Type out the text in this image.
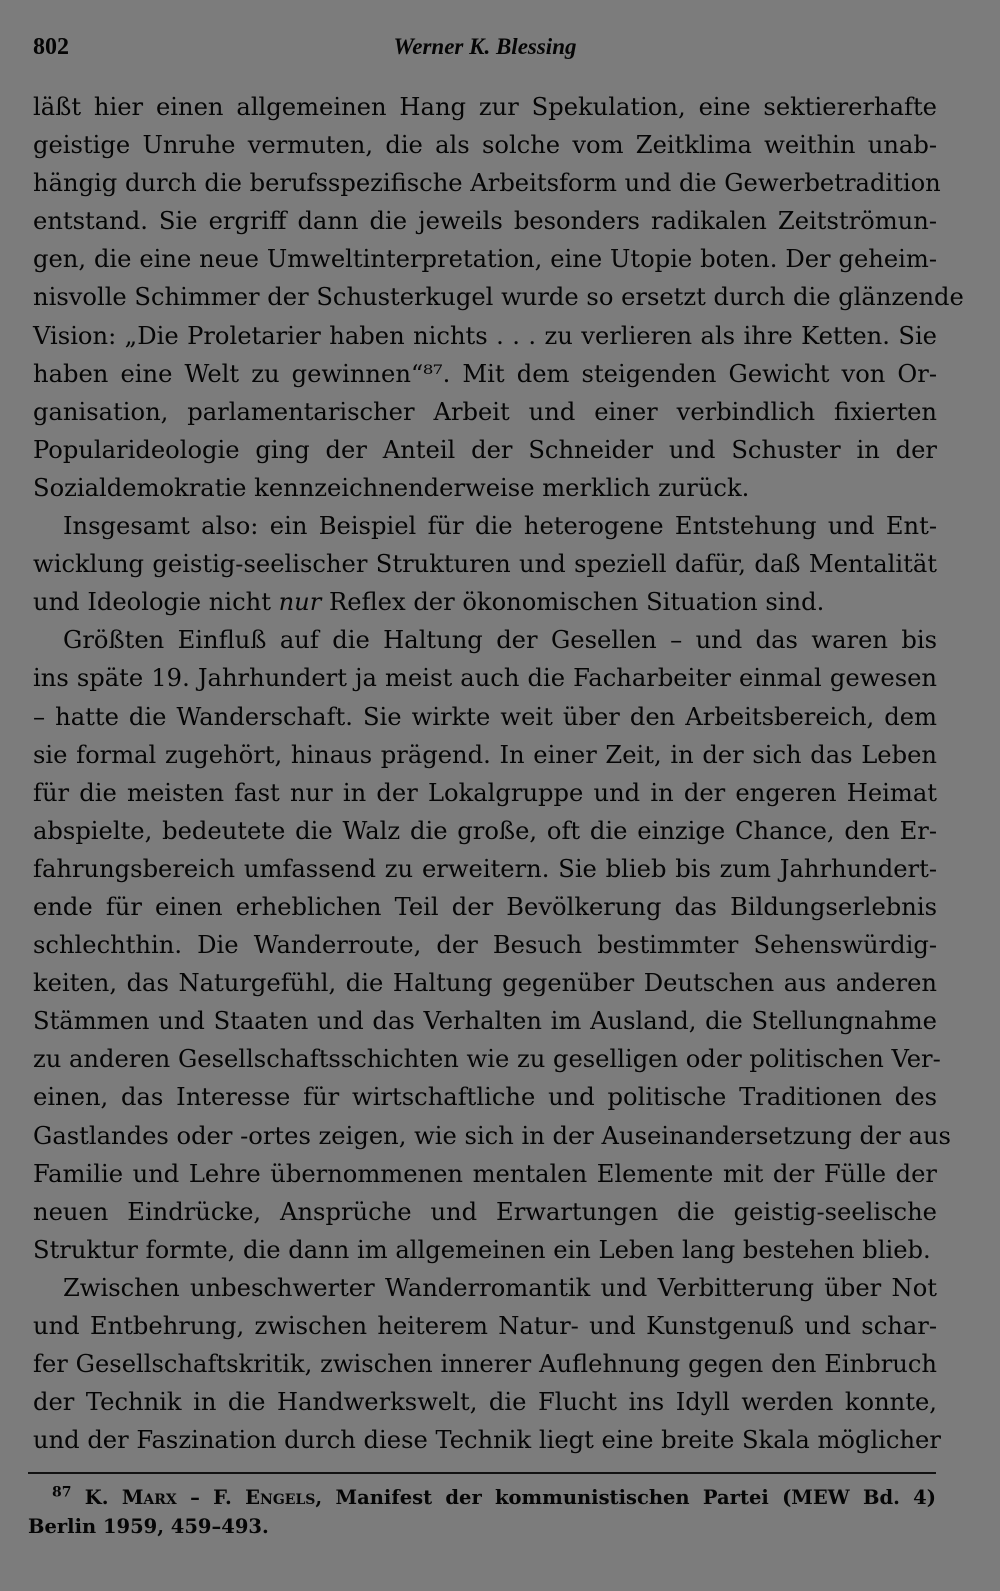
802	Werner K. Blessing
läßt hier einen allgemeinen Hang zur Spekulation, eine sektiererhafte
geistige Unruhe vermuten, die als solche vom Zeitklima weithin unab-
hängig durch die berufsspezifische Arbeitsform und die Gewerbetradition
entstand. Sie ergriff dann die jeweils besonders radikalen Zeitströmun-
gen, die eine neue Umweltinterpretation, eine Utopie boten. Der geheim-
nisvolle Schimmer der Schusterkugel wurde so ersetzt durch die glänzende
Vision: „Die Proletarier haben nichts . . . zu verlieren als ihre Ketten. Sie
haben eine Welt zu gewinnen“⁸⁷. Mit dem steigenden Gewicht von Or-
ganisation, parlamentarischer Arbeit und einer verbindlich fixierten
Popularideologie ging der Anteil der Schneider und Schuster in der
Sozialdemokratie kennzeichnenderweise merklich zurück.
Insgesamt also: ein Beispiel für die heterogene Entstehung und Ent-
wicklung geistig-seelischer Strukturen und speziell dafür, daß Mentalität
und Ideologie nicht nur Reflex der ökonomischen Situation sind.
Größten Einfluß auf die Haltung der Gesellen – und das waren bis
ins späte 19. Jahrhundert ja meist auch die Facharbeiter einmal gewesen
– hatte die Wanderschaft. Sie wirkte weit über den Arbeitsbereich, dem
sie formal zugehört, hinaus prägend. In einer Zeit, in der sich das Leben
für die meisten fast nur in der Lokalgruppe und in der engeren Heimat
abspielte, bedeutete die Walz die große, oft die einzige Chance, den Er-
fahrungsbereich umfassend zu erweitern. Sie blieb bis zum Jahrhundert-
ende für einen erheblichen Teil der Bevölkerung das Bildungserlebnis
schlechthin. Die Wanderroute, der Besuch bestimmter Sehenswürdig-
keiten, das Naturgefühl, die Haltung gegenüber Deutschen aus anderen
Stämmen und Staaten und das Verhalten im Ausland, die Stellungnahme
zu anderen Gesellschaftsschichten wie zu geselligen oder politischen Ver-
einen, das Interesse für wirtschaftliche und politische Traditionen des
Gastlandes oder -ortes zeigen, wie sich in der Auseinandersetzung der aus
Familie und Lehre übernommenen mentalen Elemente mit der Fülle der
neuen Eindrücke, Ansprüche und Erwartungen die geistig-seelische
Struktur formte, die dann im allgemeinen ein Leben lang bestehen blieb.
Zwischen unbeschwerter Wanderromantik und Verbitterung über Not
und Entbehrung, zwischen heiterem Natur- und Kunstgenuß und schar-
fer Gesellschaftskritik, zwischen innerer Auflehnung gegen den Einbruch
der Technik in die Handwerkswelt, die Flucht ins Idyll werden konnte,
und der Faszination durch diese Technik liegt eine breite Skala möglicher
$^{87}$ K. Marx – F. Engels, Manifest der kommunistischen Partei (MEW Bd. 4)
Berlin 1959, 459–493.
